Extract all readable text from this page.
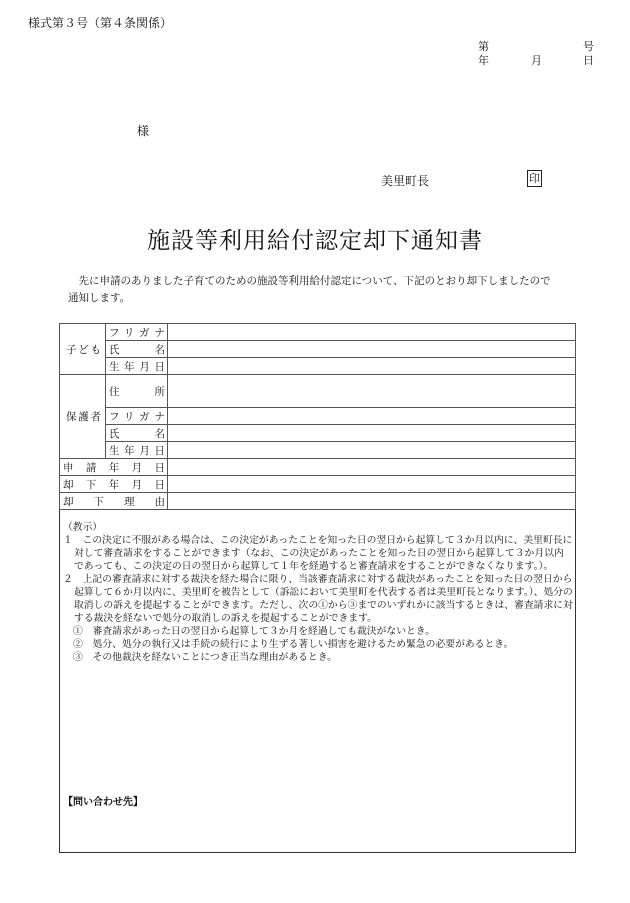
様式第３号（第４条関係）
第	号
年	月	日
様
美里町長	印
施設等利用給付認定却下通知書
先に申請のありました子育てのための施設等利用給付認定について、下記のとおり却下しましたので
通知します。
子ども	フリガナ	
	氏名	
	生年月日	
保護者	住所	
	フリガナ	
	氏名	
	生年月日	
申請年月日		
却下年月日		
却下理由		
（教示）
１　この決定に不服がある場合は、この決定があったことを知った日の翌日から起算して３か月以内に、美里町長に対して審査請求をすることができます（なお、この決定があったことを知った日の翌日から起算して３か月以内であっても、この決定の日の翌日から起算して１年を経過すると審査請求をすることができなくなります。）。
２　上記の審査請求に対する裁決を経た場合に限り、当該審査請求に対する裁決があったことを知った日の翌日から起算して６か月以内に、美里町を被告として（訴訟において美里町を代表する者は美里町長となります。）、処分の取消しの訴えを提起することができます。ただし、次の①から③までのいずれかに該当するときは、審査請求に対する裁決を経ないで処分の取消しの訴えを提起することができます。
①　審査請求があった日の翌日から起算して３か月を経過しても裁決がないとき。
②　処分、処分の執行又は手続の続行により生ずる著しい損害を避けるため緊急の必要があるとき。
③　その他裁決を経ないことにつき正当な理由があるとき。
【問い合わせ先】
